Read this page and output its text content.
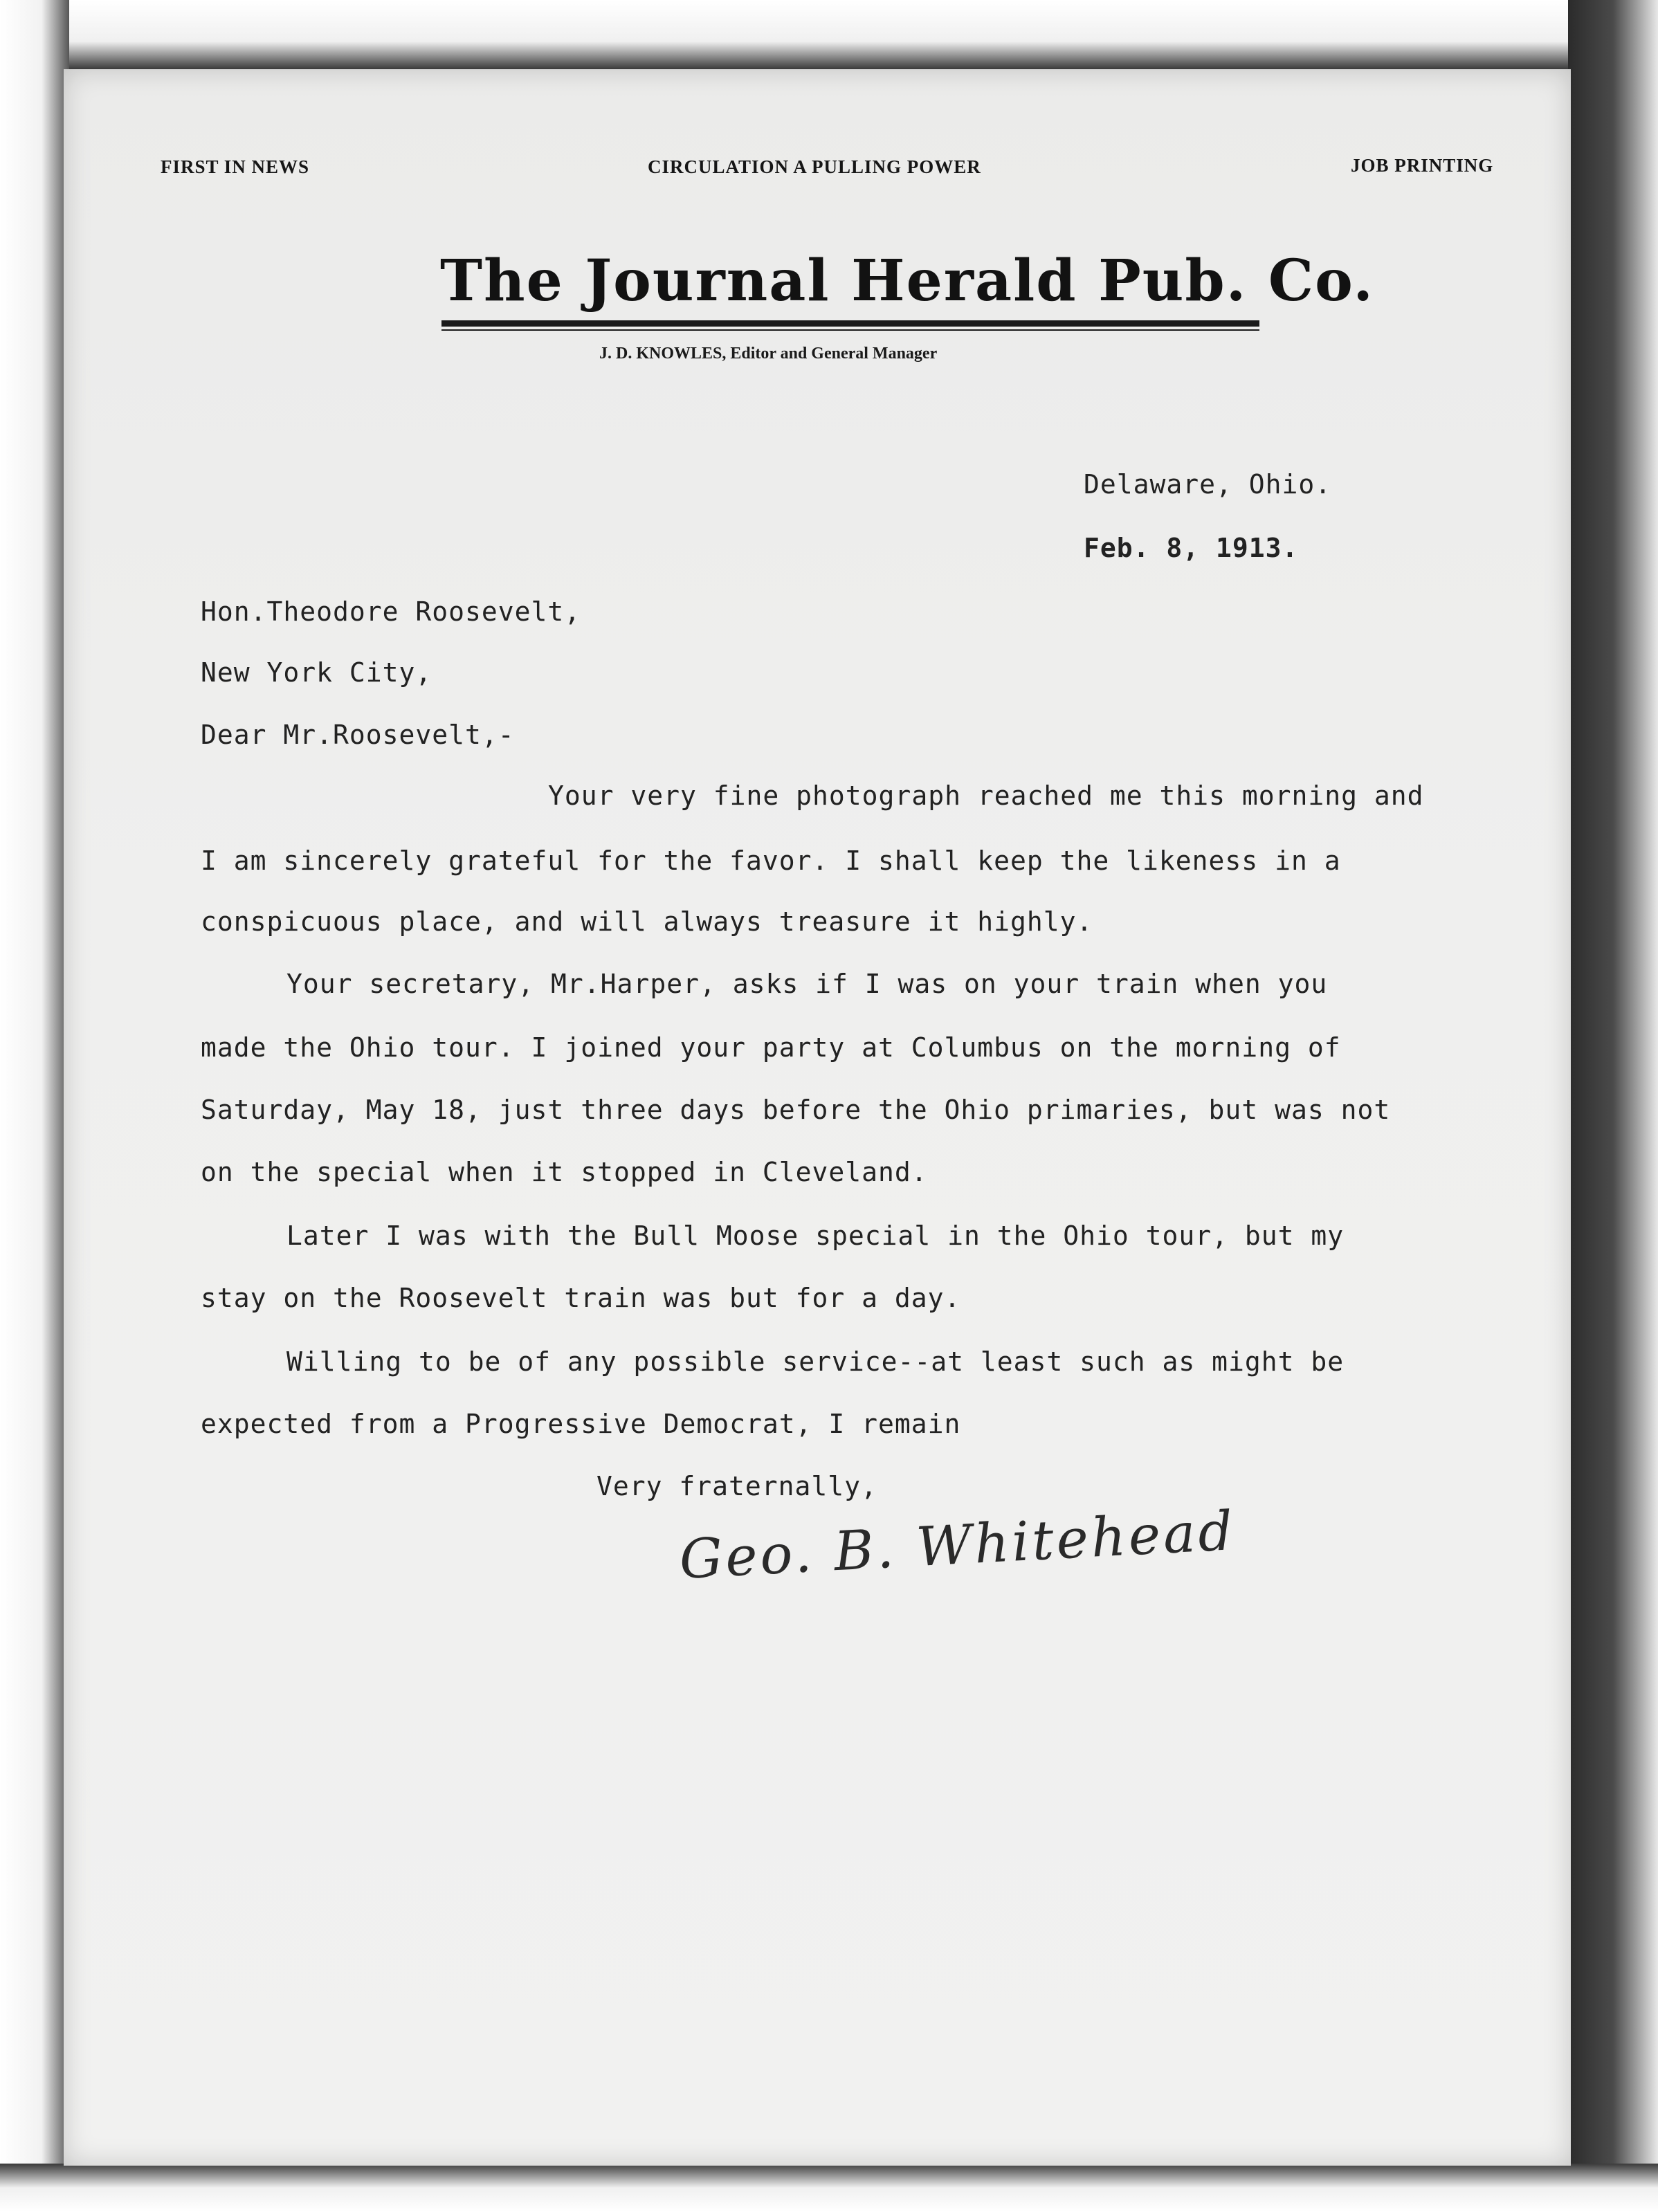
FIRST IN NEWS	CIRCULATION A PULLING POWER	JOB PRINTING
The Journal Herald Pub. Co.
J. D. KNOWLES, Editor and General Manager
Delaware, Ohio.
Feb. 8, 1913.
Hon.Theodore Roosevelt,
New York City,
Dear Mr.Roosevelt,-
Your very fine photograph reached me this morning and
I am sincerely grateful for the favor. I shall keep the likeness in a
conspicuous place, and will always treasure it highly.
Your secretary, Mr.Harper, asks if I was on your train when you
made the Ohio tour. I joined your party at Columbus on the morning of
Saturday, May 18, just three days before the Ohio primaries, but was not
on the special when it stopped in Cleveland.
Later I was with the Bull Moose special in the Ohio tour, but my
stay on the Roosevelt train was but for a day.
Willing to be of any possible service--at least such as might be
expected from a Progressive Democrat, I remain
Very fraternally,
Geo. B. Whitehead
